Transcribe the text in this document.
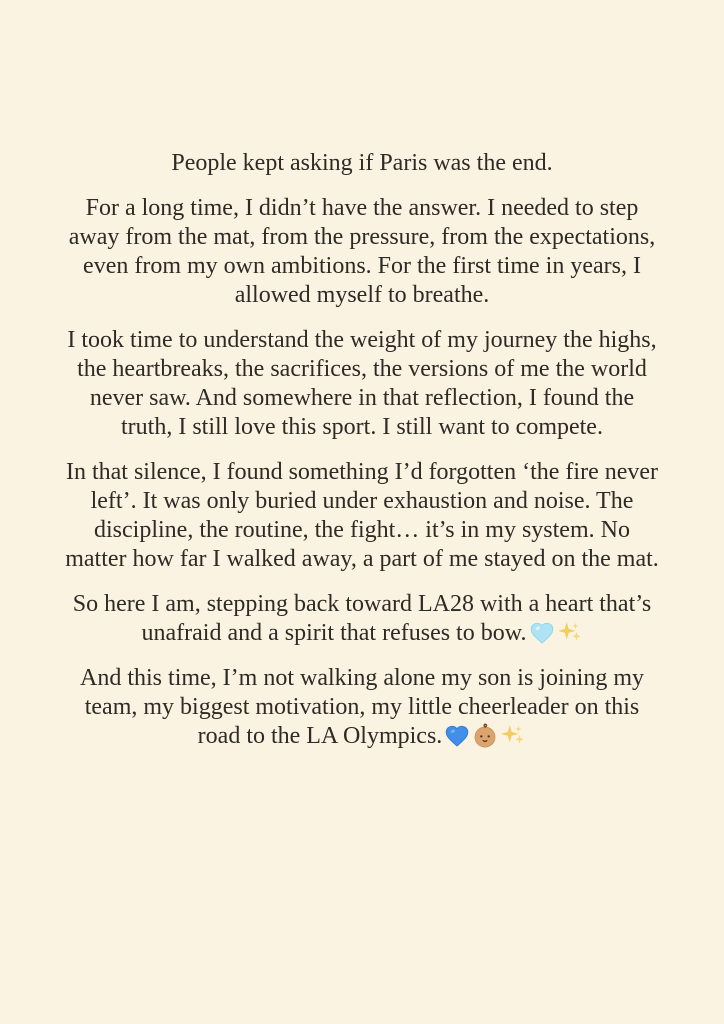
People kept asking if Paris was the end.

For a long time, I didn’t have the answer. I needed to step away from the mat, from the pressure, from the expectations, even from my own ambitions. For the first time in years, I allowed myself to breathe.

I took time to understand the weight of my journey the highs, the heartbreaks, the sacrifices, the versions of me the world never saw. And somewhere in that reflection, I found the truth, I still love this sport. I still want to compete.

In that silence, I found something I’d forgotten ‘the fire never left’. It was only buried under exhaustion and noise. The discipline, the routine, the fight… it’s in my system. No matter how far I walked away, a part of me stayed on the mat.

So here I am, stepping back toward LA28 with a heart that’s unafraid and a spirit that refuses to bow.

And this time, I’m not walking alone my son is joining my team, my biggest motivation, my little cheerleader on this road to the LA Olympics.
